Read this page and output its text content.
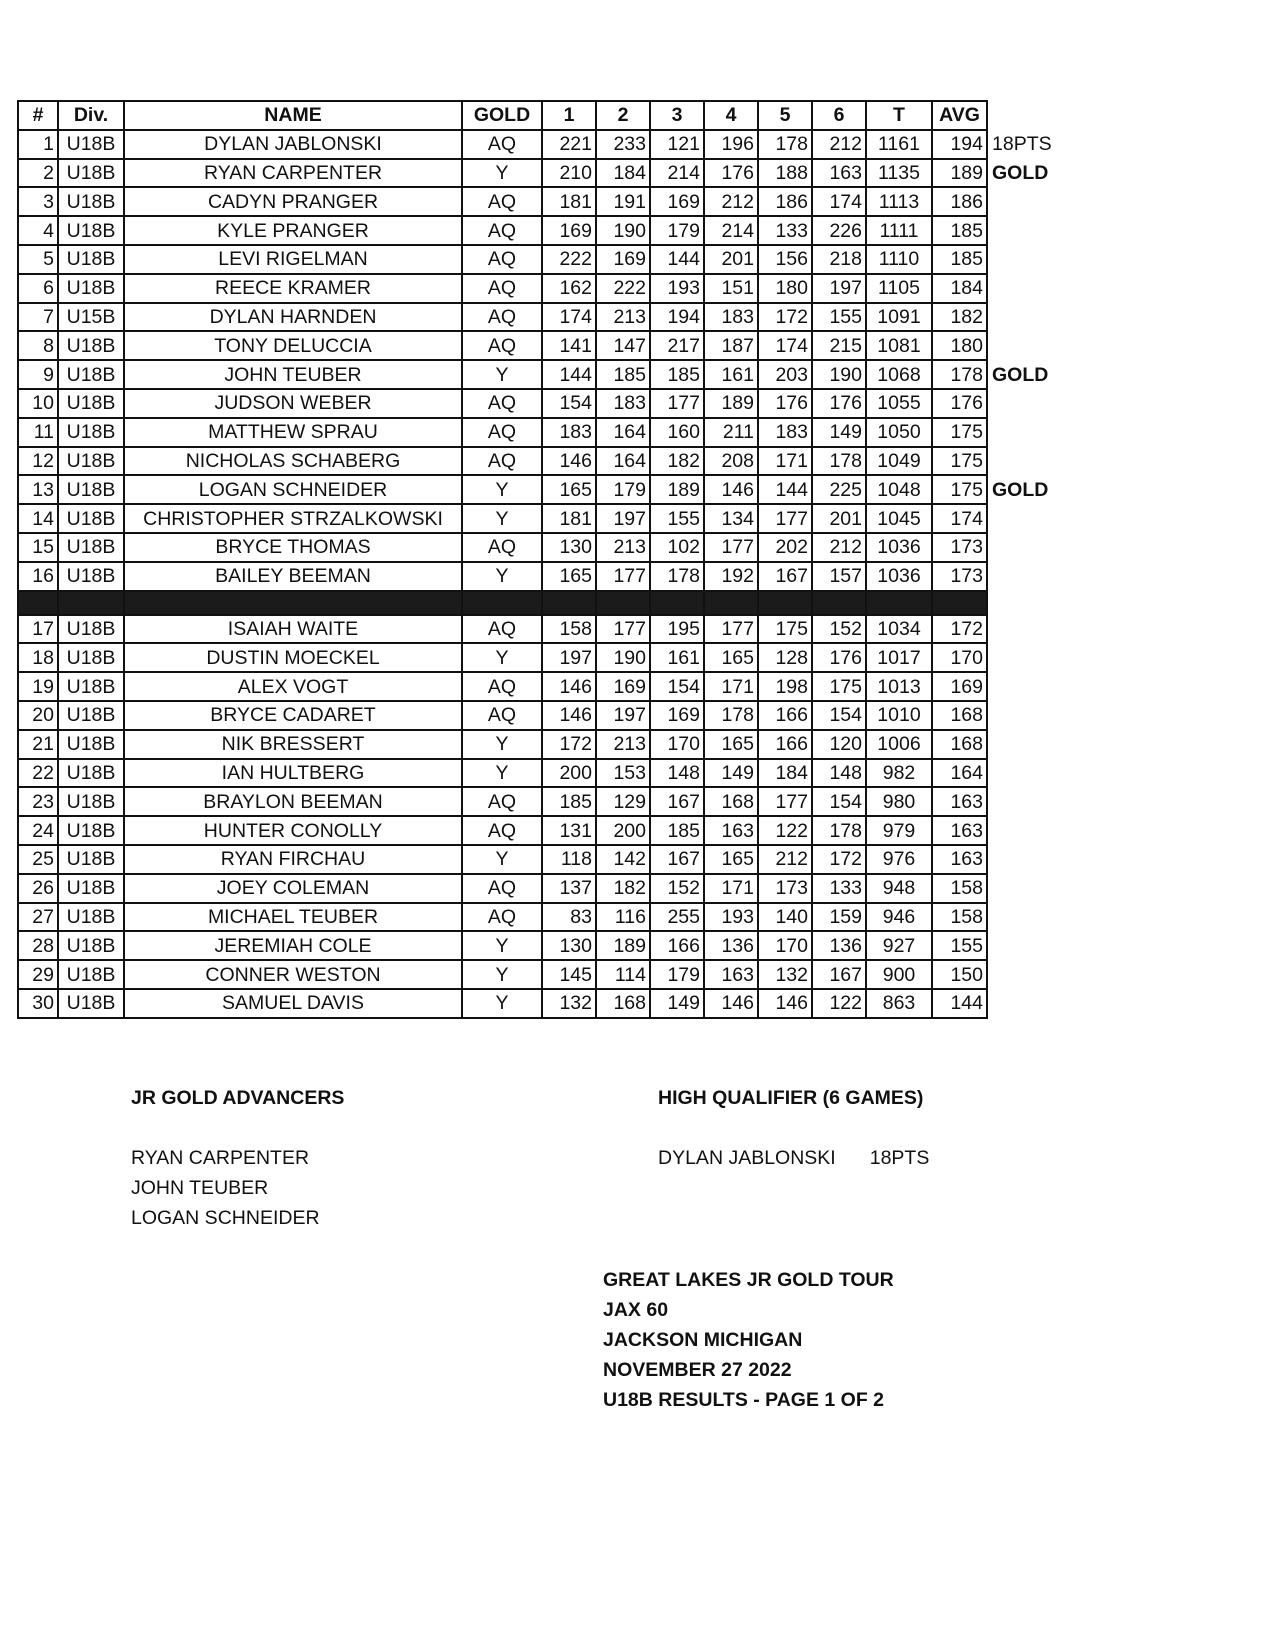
#	Div.	NAME	GOLD	1	2	3	4	5	6	T	AVG	
1	U18B	DYLAN JABLONSKI	AQ	221	233	121	196	178	212	1161	194	18PTS
2	U18B	RYAN CARPENTER	Y	210	184	214	176	188	163	1135	189	GOLD
3	U18B	CADYN PRANGER	AQ	181	191	169	212	186	174	1113	186	
4	U18B	KYLE PRANGER	AQ	169	190	179	214	133	226	1111	185	
5	U18B	LEVI RIGELMAN	AQ	222	169	144	201	156	218	1110	185	
6	U18B	REECE KRAMER	AQ	162	222	193	151	180	197	1105	184	
7	U15B	DYLAN HARNDEN	AQ	174	213	194	183	172	155	1091	182	
8	U18B	TONY DELUCCIA	AQ	141	147	217	187	174	215	1081	180	
9	U18B	JOHN TEUBER	Y	144	185	185	161	203	190	1068	178	GOLD
10	U18B	JUDSON WEBER	AQ	154	183	177	189	176	176	1055	176	
11	U18B	MATTHEW SPRAU	AQ	183	164	160	211	183	149	1050	175	
12	U18B	NICHOLAS SCHABERG	AQ	146	164	182	208	171	178	1049	175	
13	U18B	LOGAN SCHNEIDER	Y	165	179	189	146	144	225	1048	175	GOLD
14	U18B	CHRISTOPHER STRZALKOWSKI	Y	181	197	155	134	177	201	1045	174	
15	U18B	BRYCE THOMAS	AQ	130	213	102	177	202	212	1036	173	
16	U18B	BAILEY BEEMAN	Y	165	177	178	192	167	157	1036	173	

17	U18B	ISAIAH WAITE	AQ	158	177	195	177	175	152	1034	172	
18	U18B	DUSTIN MOECKEL	Y	197	190	161	165	128	176	1017	170	
19	U18B	ALEX VOGT	AQ	146	169	154	171	198	175	1013	169	
20	U18B	BRYCE CADARET	AQ	146	197	169	178	166	154	1010	168	
21	U18B	NIK BRESSERT	Y	172	213	170	165	166	120	1006	168	
22	U18B	IAN HULTBERG	Y	200	153	148	149	184	148	982	164	
23	U18B	BRAYLON BEEMAN	AQ	185	129	167	168	177	154	980	163	
24	U18B	HUNTER CONOLLY	AQ	131	200	185	163	122	178	979	163	
25	U18B	RYAN FIRCHAU	Y	118	142	167	165	212	172	976	163	
26	U18B	JOEY COLEMAN	AQ	137	182	152	171	173	133	948	158	
27	U18B	MICHAEL TEUBER	AQ	83	116	255	193	140	159	946	158	
28	U18B	JEREMIAH COLE	Y	130	189	166	136	170	136	927	155	
29	U18B	CONNER WESTON	Y	145	114	179	163	132	167	900	150	
30	U18B	SAMUEL DAVIS	Y	132	168	149	146	146	122	863	144	
JR GOLD ADVANCERS
RYAN CARPENTER
JOHN TEUBER
LOGAN SCHNEIDER
HIGH QUALIFIER (6 GAMES)
DYLAN JABLONSKI 18PTS
GREAT LAKES JR GOLD TOUR
JAX 60
JACKSON MICHIGAN
NOVEMBER 27 2022
U18B RESULTS - PAGE 1 OF 2
